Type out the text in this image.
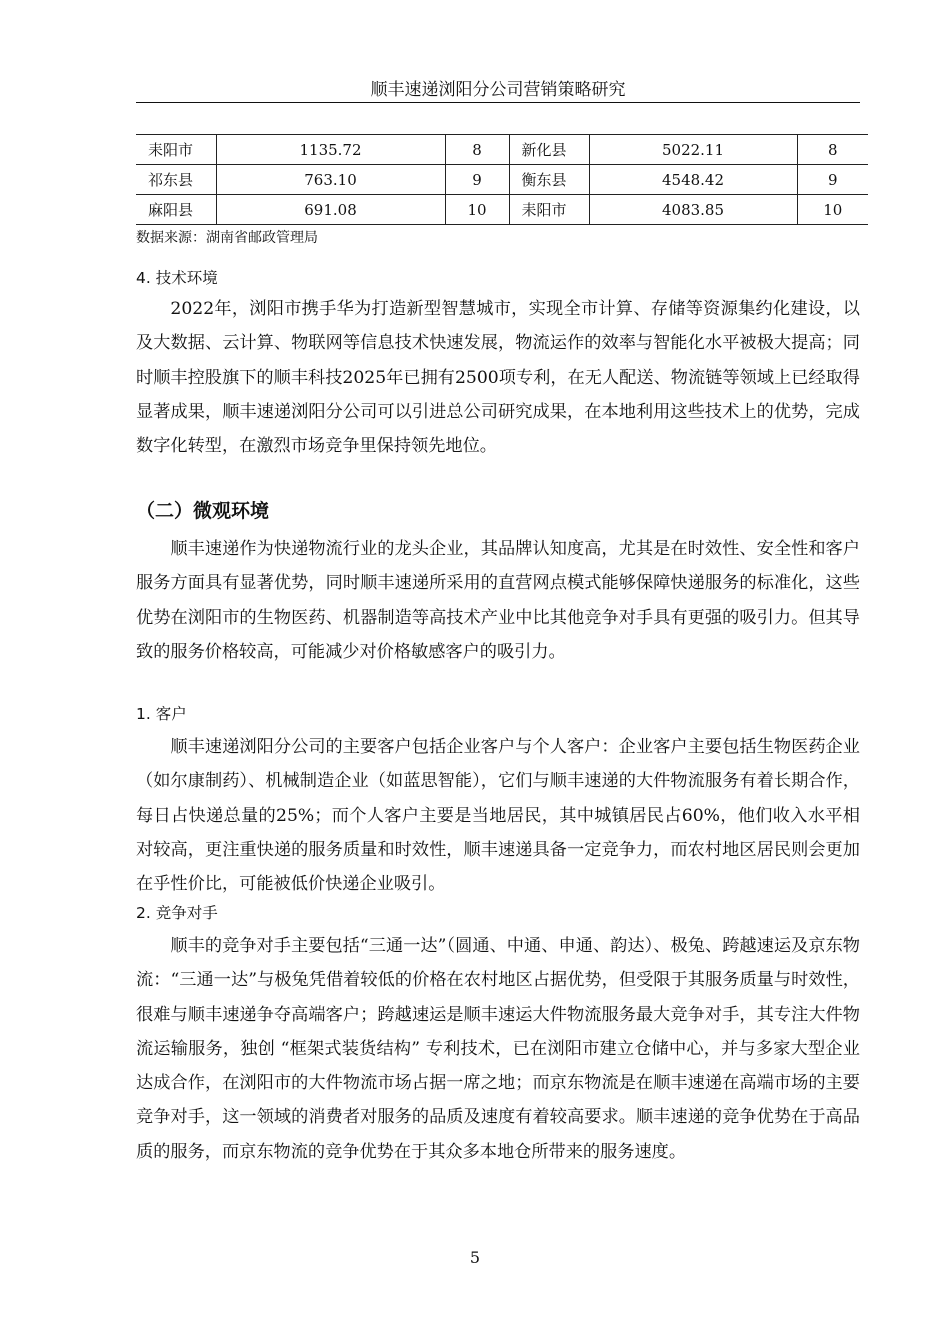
顺丰速递浏阳分公司营销策略研究
耒阳市	1135.72	8	新化县	5022.11	8
祁东县	763.10	9	衡东县	4548.42	9
麻阳县	691.08	10	耒阳市	4083.85	10
数据来源：湖南省邮政管理局
4. 技术环境
2022年，浏阳市携手华为打造新型智慧城市，实现全市计算、存储等资源集约化建设，以及大数据、云计算、物联网等信息技术快速发展，物流运作的效率与智能化水平被极大提高；同时顺丰控股旗下的顺丰科技2025年已拥有2500项专利，在无人配送、物流链等领域上已经取得显著成果，顺丰速递浏阳分公司可以引进总公司研究成果，在本地利用这些技术上的优势，完成数字化转型，在激烈市场竞争里保持领先地位。
（二）微观环境
顺丰速递作为快递物流行业的龙头企业，其品牌认知度高，尤其是在时效性、安全性和客户服务方面具有显著优势，同时顺丰速递所采用的直营网点模式能够保障快递服务的标准化，这些优势在浏阳市的生物医药、机器制造等高技术产业中比其他竞争对手具有更强的吸引力。但其导致的服务价格较高，可能减少对价格敏感客户的吸引力。
1. 客户
顺丰速递浏阳分公司的主要客户包括企业客户与个人客户：企业客户主要包括生物医药企业（如尔康制药）、机械制造企业（如蓝思智能），它们与顺丰速递的大件物流服务有着长期合作，每日占快递总量的25%；而个人客户主要是当地居民，其中城镇居民占60%，他们收入水平相对较高，更注重快递的服务质量和时效性，顺丰速递具备一定竞争力，而农村地区居民则会更加在乎性价比，可能被低价快递企业吸引。
2. 竞争对手
顺丰的竞争对手主要包括“三通一达”（圆通、中通、申通、韵达）、极兔、跨越速运及京东物流：“三通一达”与极兔凭借着较低的价格在农村地区占据优势，但受限于其服务质量与时效性，很难与顺丰速递争夺高端客户；跨越速运是顺丰速运大件物流服务最大竞争对手，其专注大件物流运输服务，独创 “框架式装货结构” 专利技术，已在浏阳市建立仓储中心，并与多家大型企业达成合作，在浏阳市的大件物流市场占据一席之地；而京东物流是在顺丰速递在高端市场的主要竞争对手，这一领域的消费者对服务的品质及速度有着较高要求。顺丰速递的竞争优势在于高品质的服务，而京东物流的竞争优势在于其众多本地仓所带来的服务速度。
5
